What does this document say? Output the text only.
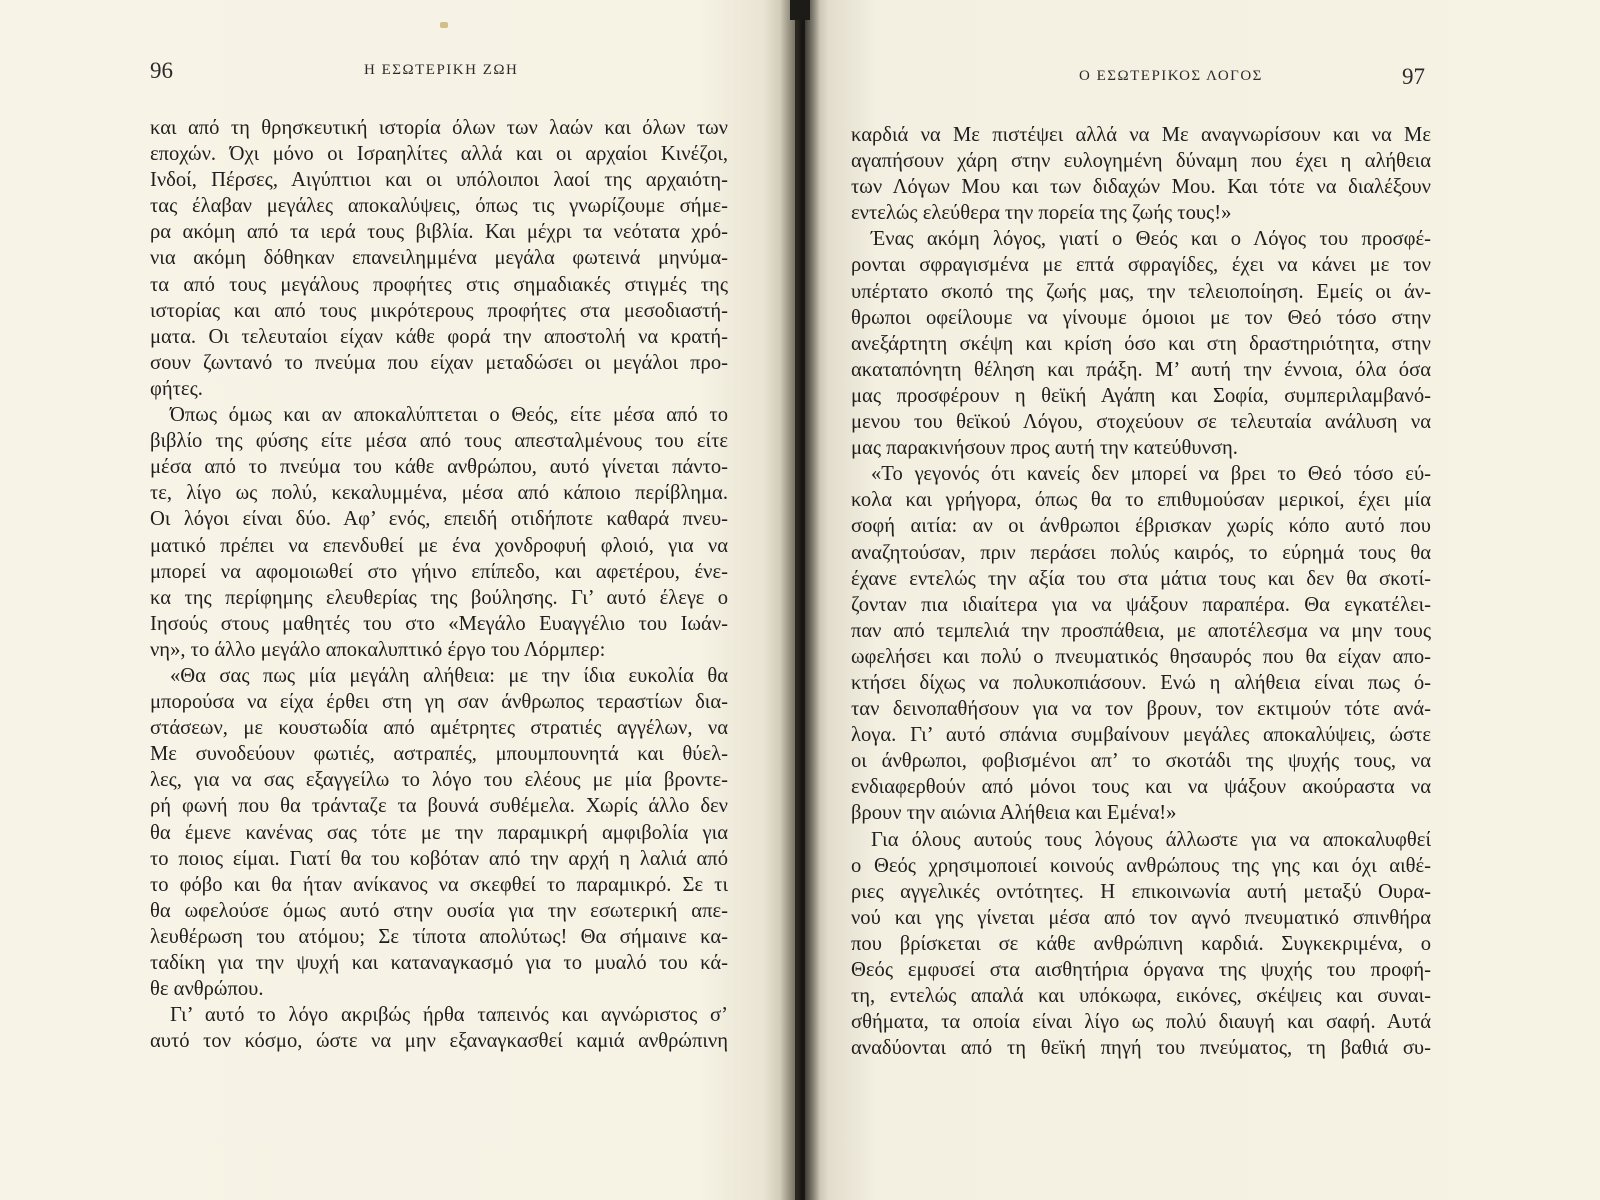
96	Η ΕΣΩΤΕΡΙΚΗ ΖΩΗ
και από τη θρησκευτική ιστορία όλων των λαών και όλων των
εποχών. Όχι μόνο οι Ισραηλίτες αλλά και οι αρχαίοι Κινέζοι,
Ινδοί, Πέρσες, Αιγύπτιοι και οι υπόλοιποι λαοί της αρχαιότη-
τας έλαβαν μεγάλες αποκαλύψεις, όπως τις γνωρίζουμε σήμε-
ρα ακόμη από τα ιερά τους βιβλία. Και μέχρι τα νεότατα χρό-
νια ακόμη δόθηκαν επανειλημμένα μεγάλα φωτεινά μηνύμα-
τα από τους μεγάλους προφήτες στις σημαδιακές στιγμές της
ιστορίας και από τους μικρότερους προφήτες στα μεσοδιαστή-
ματα. Οι τελευταίοι είχαν κάθε φορά την αποστολή να κρατή-
σουν ζωντανό το πνεύμα που είχαν μεταδώσει οι μεγάλοι προ-
φήτες.
Όπως όμως και αν αποκαλύπτεται ο Θεός, είτε μέσα από το
βιβλίο της φύσης είτε μέσα από τους απεσταλμένους του είτε
μέσα από το πνεύμα του κάθε ανθρώπου, αυτό γίνεται πάντο-
τε, λίγο ως πολύ, κεκαλυμμένα, μέσα από κάποιο περίβλημα.
Οι λόγοι είναι δύο. Αφ’ ενός, επειδή οτιδήποτε καθαρά πνευ-
ματικό πρέπει να επενδυθεί με ένα χονδροφυή φλοιό, για να
μπορεί να αφομοιωθεί στο γήινο επίπεδο, και αφετέρου, ένε-
κα της περίφημης ελευθερίας της βούλησης. Γι’ αυτό έλεγε ο
Ιησούς στους μαθητές του στο «Μεγάλο Ευαγγέλιο του Ιωάν-
νη», το άλλο μεγάλο αποκαλυπτικό έργο του Λόρμπερ:
«Θα σας πως μία μεγάλη αλήθεια: με την ίδια ευκολία θα
μπορούσα να είχα έρθει στη γη σαν άνθρωπος τεραστίων δια-
στάσεων, με κουστωδία από αμέτρητες στρατιές αγγέλων, να
Με συνοδεύουν φωτιές, αστραπές, μπουμπουνητά και θύελ-
λες, για να σας εξαγγείλω το λόγο του ελέους με μία βροντε-
ρή φωνή που θα τράνταζε τα βουνά συθέμελα. Χωρίς άλλο δεν
θα έμενε κανένας σας τότε με την παραμικρή αμφιβολία για
το ποιος είμαι. Γιατί θα του κοβόταν από την αρχή η λαλιά από
το φόβο και θα ήταν ανίκανος να σκεφθεί το παραμικρό. Σε τι
θα ωφελούσε όμως αυτό στην ουσία για την εσωτερική απε-
λευθέρωση του ατόμου; Σε τίποτα απολύτως! Θα σήμαινε κα-
ταδίκη για την ψυχή και καταναγκασμό για το μυαλό του κά-
θε ανθρώπου.
Γι’ αυτό το λόγο ακριβώς ήρθα ταπεινός και αγνώριστος σ’
αυτό τον κόσμο, ώστε να μην εξαναγκασθεί καμιά ανθρώπινη
Ο ΕΣΩΤΕΡΙΚΟΣ ΛΟΓΟΣ	97
καρδιά να Με πιστέψει αλλά να Με αναγνωρίσουν και να Με
αγαπήσουν χάρη στην ευλογημένη δύναμη που έχει η αλήθεια
των Λόγων Μου και των διδαχών Μου. Και τότε να διαλέξουν
εντελώς ελεύθερα την πορεία της ζωής τους!»
Ένας ακόμη λόγος, γιατί ο Θεός και ο Λόγος του προσφέ-
ρονται σφραγισμένα με επτά σφραγίδες, έχει να κάνει με τον
υπέρτατο σκοπό της ζωής μας, την τελειοποίηση. Εμείς οι άν-
θρωποι οφείλουμε να γίνουμε όμοιοι με τον Θεό τόσο στην
ανεξάρτητη σκέψη και κρίση όσο και στη δραστηριότητα, στην
ακαταπόνητη θέληση και πράξη. Μ’ αυτή την έννοια, όλα όσα
μας προσφέρουν η θεϊκή Αγάπη και Σοφία, συμπεριλαμβανό-
μενου του θεϊκού Λόγου, στοχεύουν σε τελευταία ανάλυση να
μας παρακινήσουν προς αυτή την κατεύθυνση.
«Το γεγονός ότι κανείς δεν μπορεί να βρει το Θεό τόσο εύ-
κολα και γρήγορα, όπως θα το επιθυμούσαν μερικοί, έχει μία
σοφή αιτία: αν οι άνθρωποι έβρισκαν χωρίς κόπο αυτό που
αναζητούσαν, πριν περάσει πολύς καιρός, το εύρημά τους θα
έχανε εντελώς την αξία του στα μάτια τους και δεν θα σκοτί-
ζονταν πια ιδιαίτερα για να ψάξουν παραπέρα. Θα εγκατέλει-
παν από τεμπελιά την προσπάθεια, με αποτέλεσμα να μην τους
ωφελήσει και πολύ ο πνευματικός θησαυρός που θα είχαν απο-
κτήσει δίχως να πολυκοπιάσουν. Ενώ η αλήθεια είναι πως ό-
ταν δεινοπαθήσουν για να τον βρουν, τον εκτιμούν τότε ανά-
λογα. Γι’ αυτό σπάνια συμβαίνουν μεγάλες αποκαλύψεις, ώστε
οι άνθρωποι, φοβισμένοι απ’ το σκοτάδι της ψυχής τους, να
ενδιαφερθούν από μόνοι τους και να ψάξουν ακούραστα να
βρουν την αιώνια Αλήθεια και Εμένα!»
Για όλους αυτούς τους λόγους άλλωστε για να αποκαλυφθεί
ο Θεός χρησιμοποιεί κοινούς ανθρώπους της γης και όχι αιθέ-
ριες αγγελικές οντότητες. Η επικοινωνία αυτή μεταξύ Ουρα-
νού και γης γίνεται μέσα από τον αγνό πνευματικό σπινθήρα
που βρίσκεται σε κάθε ανθρώπινη καρδιά. Συγκεκριμένα, ο
Θεός εμφυσεί στα αισθητήρια όργανα της ψυχής του προφή-
τη, εντελώς απαλά και υπόκωφα, εικόνες, σκέψεις και συναι-
σθήματα, τα οποία είναι λίγο ως πολύ διαυγή και σαφή. Αυτά
αναδύονται από τη θεϊκή πηγή του πνεύματος, τη βαθιά συ-
